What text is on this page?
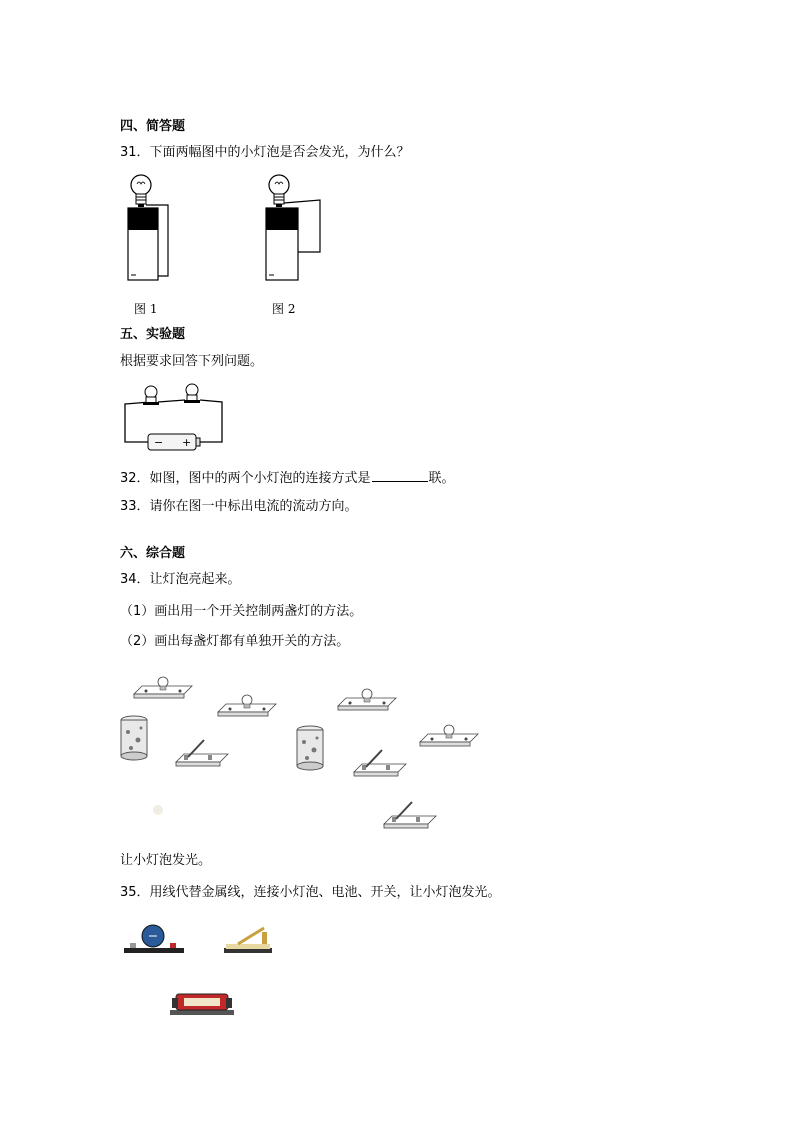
四、简答题
31．下面两幅图中的小灯泡是否会发光，为什么？
图 1	图 2
五、实验题
根据要求回答下列问题。
− +
32．如图，图中的两个小灯泡的连接方式是	联。
33．请你在图一中标出电流的流动方向。
六、综合题
34．让灯泡亮起来。
（1）画出用一个开关控制两盏灯的方法。
（2）画出每盏灯都有单独开关的方法。
让小灯泡发光。
35．用线代替金属线，连接小灯泡、电池、开关，让小灯泡发光。
